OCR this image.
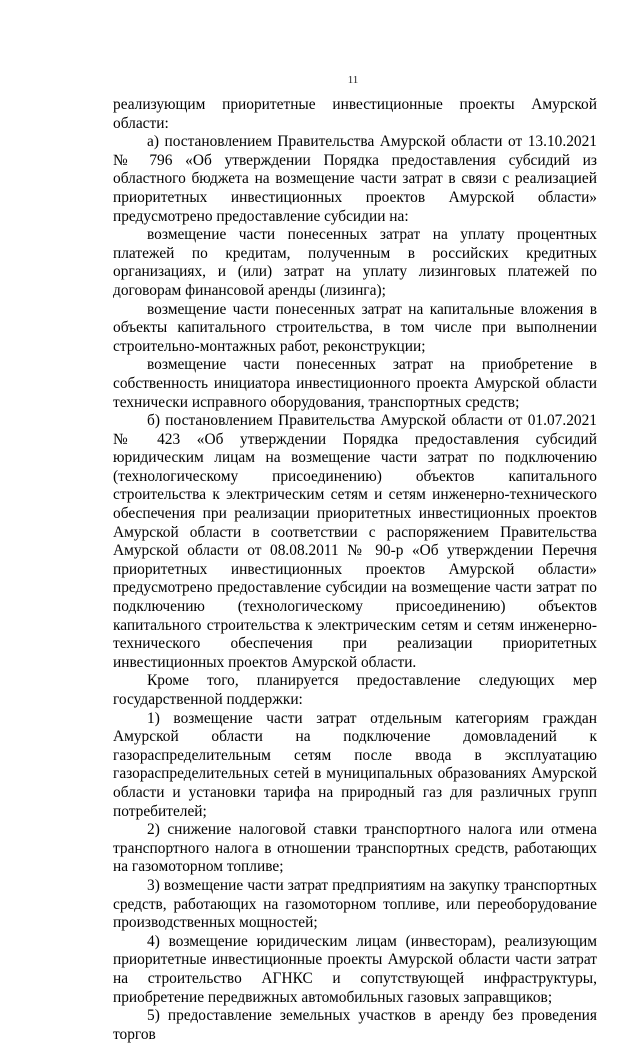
11

реализующим приоритетные инвестиционные проекты Амурской области:

а) постановлением Правительства Амурской области от 13.10.2021 № 796 «Об утверждении Порядка предоставления субсидий из областного бюджета на возмещение части затрат в связи с реализацией приоритетных инвестиционных проектов Амурской области» предусмотрено предоставление субсидии на:

возмещение части понесенных затрат на уплату процентных платежей по кредитам, полученным в российских кредитных организациях, и (или) затрат на уплату лизинговых платежей по договорам финансовой аренды (лизинга);

возмещение части понесенных затрат на капитальные вложения в объекты капитального строительства, в том числе при выполнении строительно-монтажных работ, реконструкции;

возмещение части понесенных затрат на приобретение в собственность инициатора инвестиционного проекта Амурской области технически исправного оборудования, транспортных средств;

б) постановлением Правительства Амурской области от 01.07.2021 № 423 «Об утверждении Порядка предоставления субсидий юридическим лицам на возмещение части затрат по подключению (технологическому присоединению) объектов капитального строительства к электрическим сетям и сетям инженерно-технического обеспечения при реализации приоритетных инвестиционных проектов Амурской области в соответствии с распоряжением Правительства Амурской области от 08.08.2011 № 90-р «Об утверждении Перечня приоритетных инвестиционных проектов Амурской области» предусмотрено предоставление субсидии на возмещение части затрат по подключению (технологическому присоединению) объектов капитального строительства к электрическим сетям и сетям инженерно-технического обеспечения при реализации приоритетных инвестиционных проектов Амурской области.

Кроме того, планируется предоставление следующих мер государственной поддержки:

1) возмещение части затрат отдельным категориям граждан Амурской области на подключение домовладений к газораспределительным сетям после ввода в эксплуатацию газораспределительных сетей в муниципальных образованиях Амурской области и установки тарифа на природный газ для различных групп потребителей;

2) снижение налоговой ставки транспортного налога или отмена транспортного налога в отношении транспортных средств, работающих на газомоторном топливе;

3) возмещение части затрат предприятиям на закупку транспортных средств, работающих на газомоторном топливе, или переоборудование производственных мощностей;

4) возмещение юридическим лицам (инвесторам), реализующим приоритетные инвестиционные проекты Амурской области части затрат на строительство АГНКС и сопутствующей инфраструктуры, приобретение передвижных автомобильных газовых заправщиков;

5) предоставление земельных участков в аренду без проведения торгов
